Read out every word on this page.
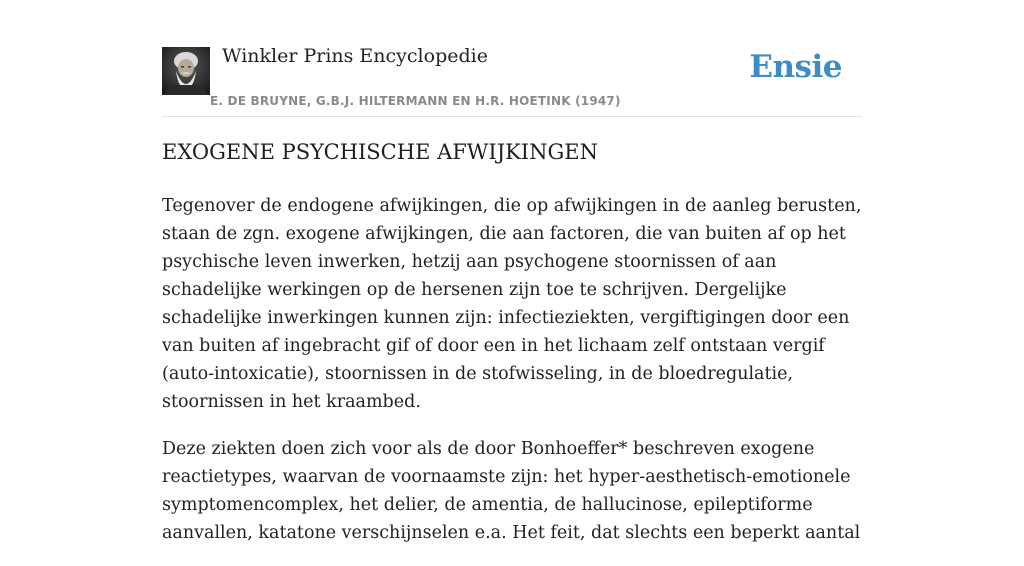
Winkler Prins Encyclopedie
E. DE BRUYNE, G.B.J. HILTERMANN EN H.R. HOETINK (1947)
Ensie
EXOGENE PSYCHISCHE AFWIJKINGEN

Tegenover de endogene afwijkingen, die op afwijkingen in de aanleg berusten, staan de zgn. exogene afwijkingen, die aan factoren, die van buiten af op het psychische leven inwerken, hetzij aan psychogene stoornissen of aan schadelijke werkingen op de hersenen zijn toe te schrijven. Dergelijke schadelijke inwerkingen kunnen zijn: infectieziekten, vergiftigingen door een van buiten af ingebracht gif of door een in het lichaam zelf ontstaan vergif (auto-intoxicatie), stoornissen in de stofwisseling, in de bloedregulatie, stoornissen in het kraambed.

Deze ziekten doen zich voor als de door Bonhoeffer* beschreven exogene reactietypes, waarvan de voornaamste zijn: het hyper-aesthetisch-emotionele symptomencomplex, het delier, de amentia, de hallucinose, epileptiforme aanvallen, katatone verschijnselen e.a. Het feit, dat slechts een beperkt aantal
